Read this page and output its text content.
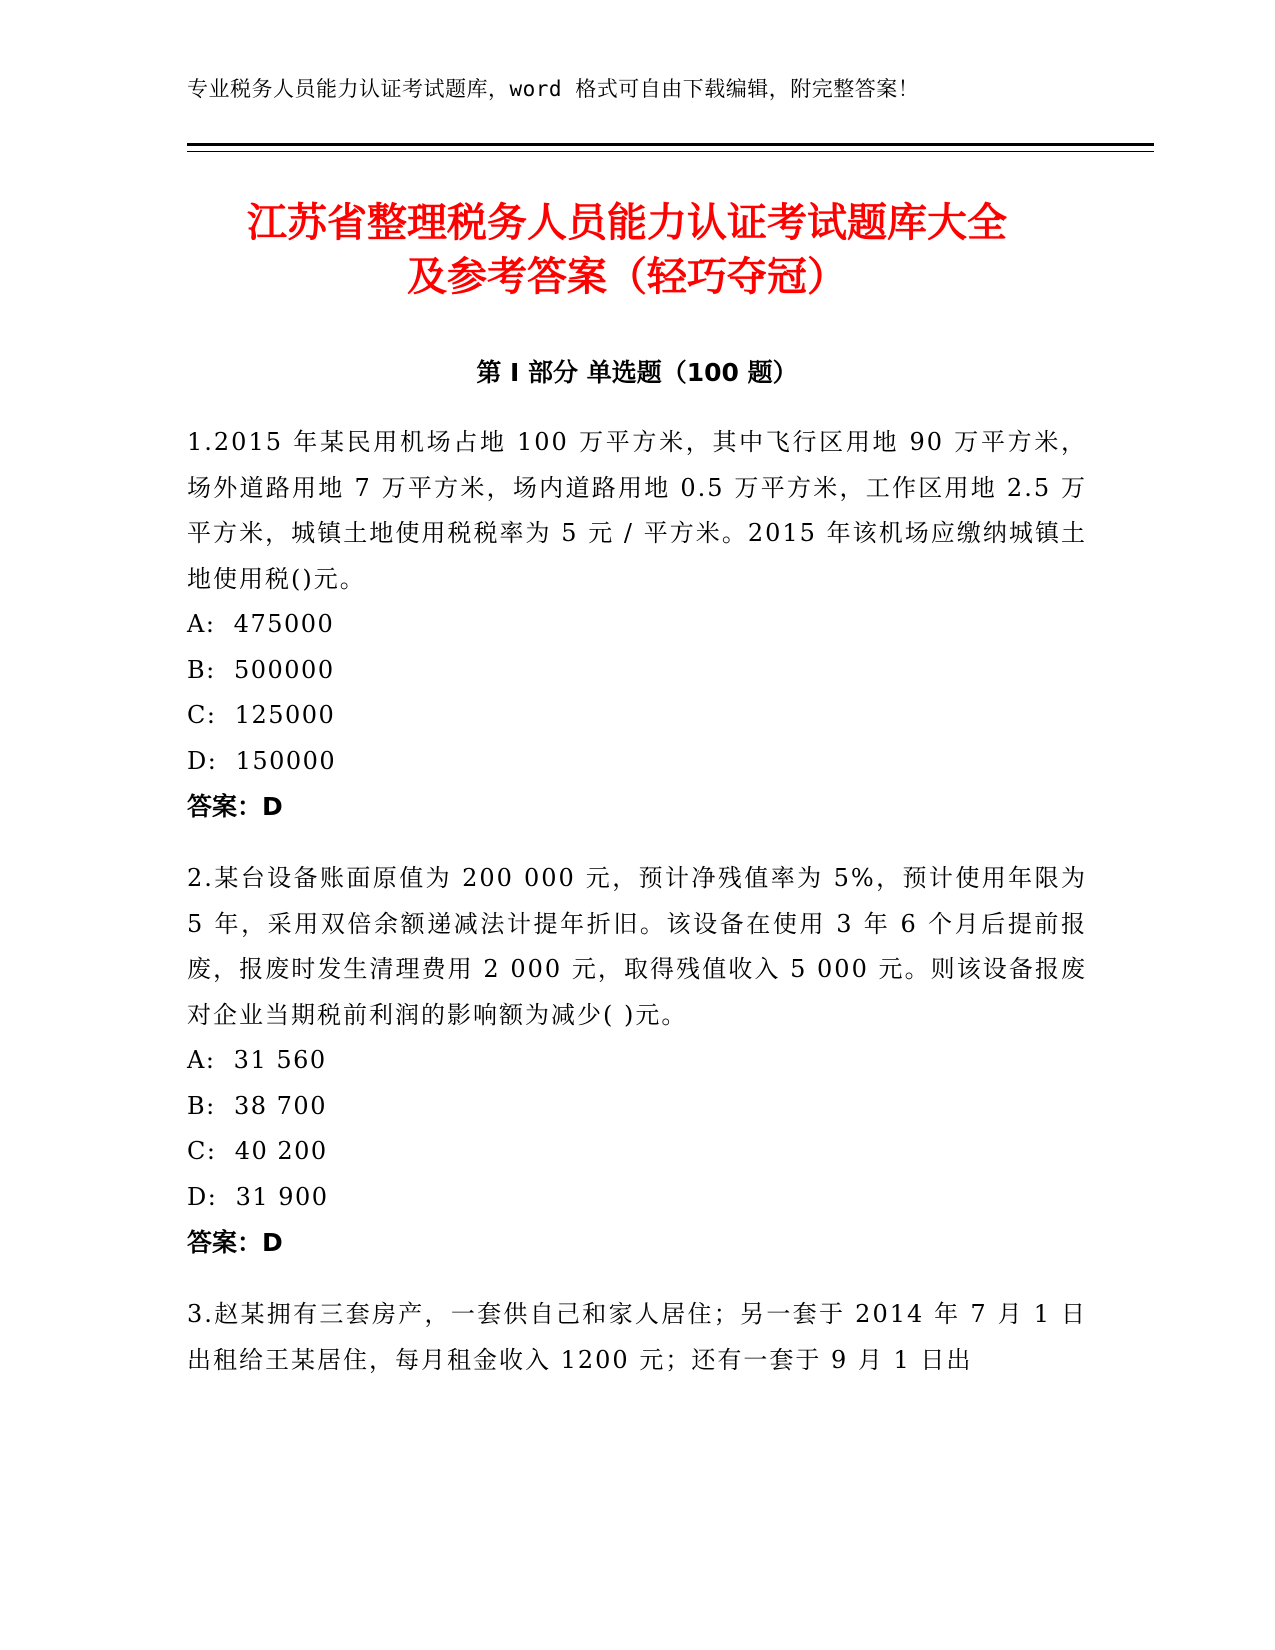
专业税务人员能力认证考试题库，word 格式可自由下载编辑，附完整答案！
江苏省整理税务人员能力认证考试题库大全
及参考答案（轻巧夺冠）
第 I 部分 单选题（100 题）

1.2015 年某民用机场占地 100 万平方米，其中飞行区用地 90 万平方米，场外道路用地 7 万平方米，场内道路用地 0.5 万平方米，工作区用地 2.5 万平方米，城镇土地使用税税率为 5 元 / 平方米。2015 年该机场应缴纳城镇土地使用税()元。

A:  475000

B:  500000

C:  125000

D:  150000

答案：D

2.某台设备账面原值为 200 000 元，预计净残值率为 5%，预计使用年限为 5 年，采用双倍余额递减法计提年折旧。该设备在使用 3 年 6 个月后提前报废，报废时发生清理费用 2 000 元，取得残值收入 5 000 元。则该设备报废对企业当期税前利润的影响额为减少( )元。

A:  31 560

B:  38 700

C:  40 200

D:  31 900

答案：D

3.赵某拥有三套房产，一套供自己和家人居住；另一套于 2014 年 7 月 1 日出租给王某居住，每月租金收入 1200 元；还有一套于 9 月 1 日出
